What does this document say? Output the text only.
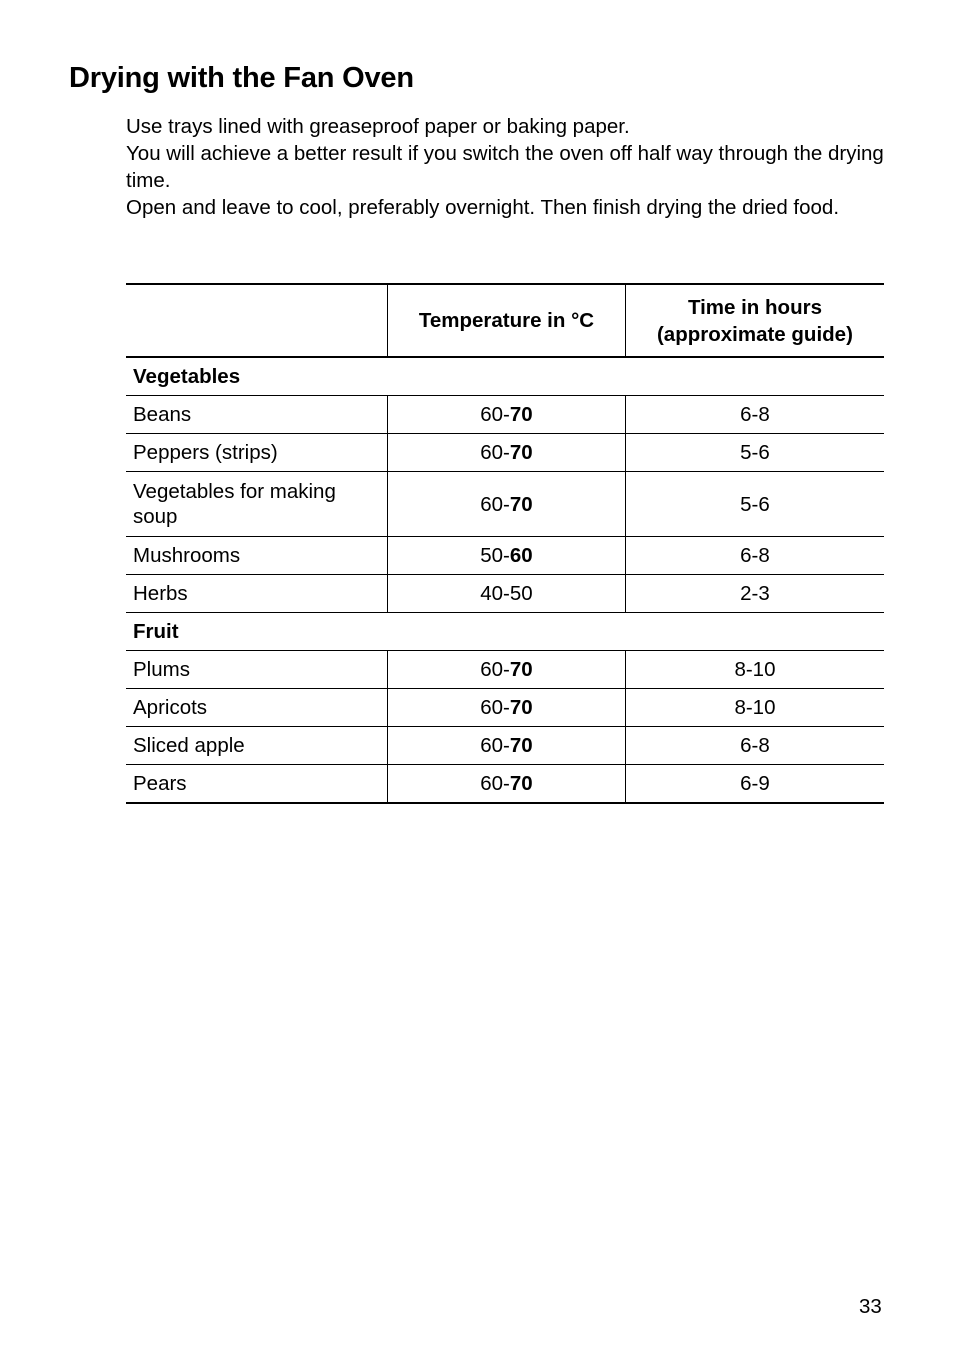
Drying with the Fan Oven

Use trays lined with greaseproof paper or baking paper.

You will achieve a better result if you switch the oven off half way through the drying time.

Open and leave to cool, preferably overnight. Then finish drying the dried food.

	Temperature in °C	Time in hours (approximate guide)
Vegetables		
Beans	60-70	6-8
Peppers (strips)	60-70	5-6
Vegetables for making soup	60-70	5-6
Mushrooms	50-60	6-8
Herbs	40-50	2-3
Fruit		
Plums	60-70	8-10
Apricots	60-70	8-10
Sliced apple	60-70	6-8
Pears	60-70	6-9
33
